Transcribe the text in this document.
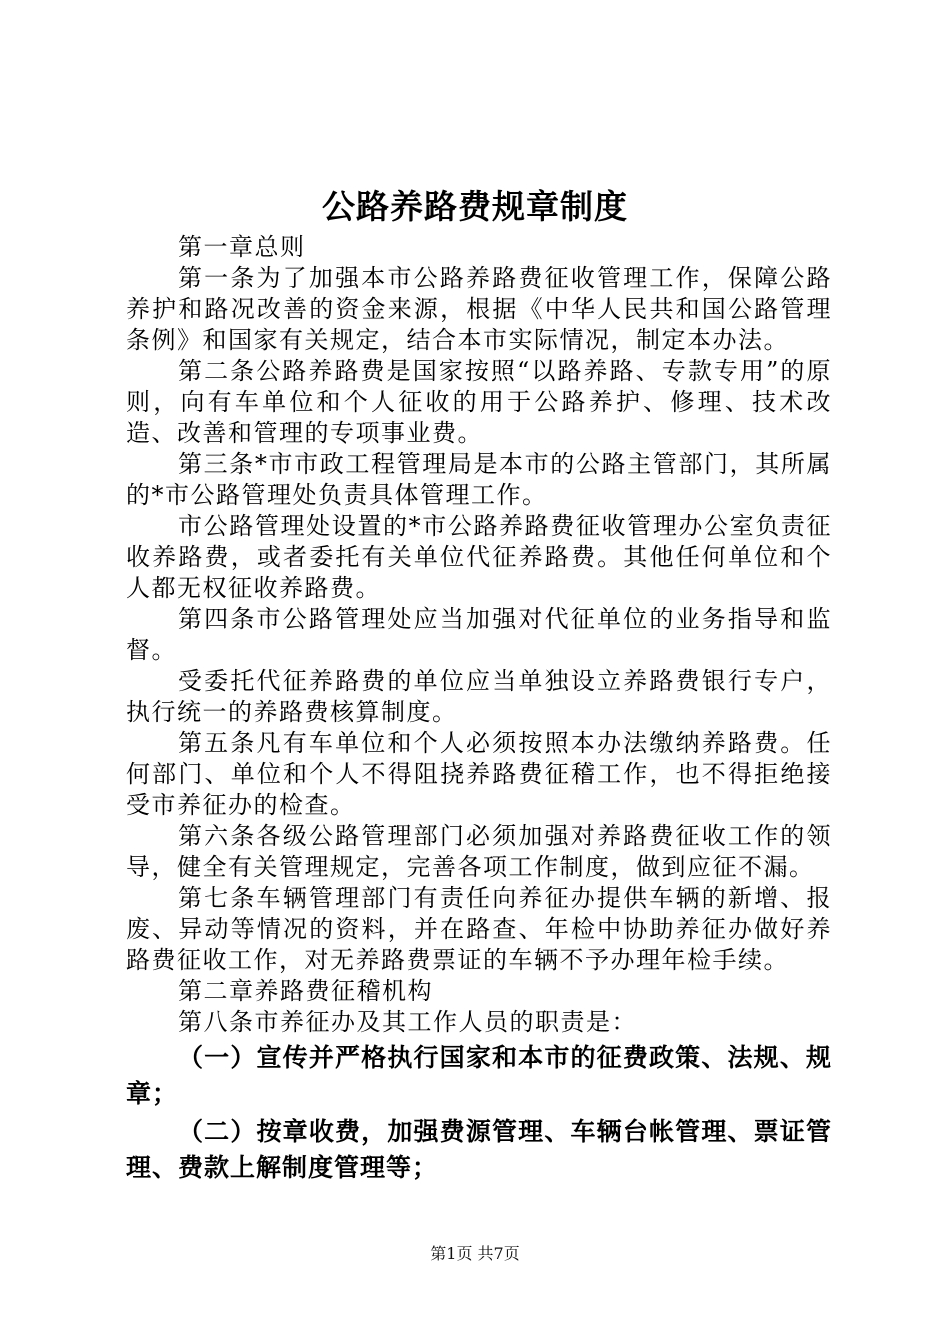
公路养路费规章制度

第一章总则

第一条为了加强本市公路养路费征收管理工作，保障公路养护和路况改善的资金来源，根据《中华人民共和国公路管理条例》和国家有关规定，结合本市实际情况，制定本办法。

第二条公路养路费是国家按照“以路养路、专款专用”的原则，向有车单位和个人征收的用于公路养护、修理、技术改造、改善和管理的专项事业费。

第三条*市市政工程管理局是本市的公路主管部门，其所属的*市公路管理处负责具体管理工作。

市公路管理处设置的*市公路养路费征收管理办公室负责征收养路费，或者委托有关单位代征养路费。其他任何单位和个人都无权征收养路费。

第四条市公路管理处应当加强对代征单位的业务指导和监督。

受委托代征养路费的单位应当单独设立养路费银行专户，执行统一的养路费核算制度。

第五条凡有车单位和个人必须按照本办法缴纳养路费。任何部门、单位和个人不得阻挠养路费征稽工作，也不得拒绝接受市养征办的检查。

第六条各级公路管理部门必须加强对养路费征收工作的领导，健全有关管理规定，完善各项工作制度，做到应征不漏。

第七条车辆管理部门有责任向养征办提供车辆的新增、报废、异动等情况的资料，并在路查、年检中协助养征办做好养路费征收工作，对无养路费票证的车辆不予办理年检手续。

第二章养路费征稽机构

第八条市养征办及其工作人员的职责是：

（一）宣传并严格执行国家和本市的征费政策、法规、规章；

（二）按章收费，加强费源管理、车辆台帐管理、票证管理、费款上解制度管理等；

第1页 共7页
